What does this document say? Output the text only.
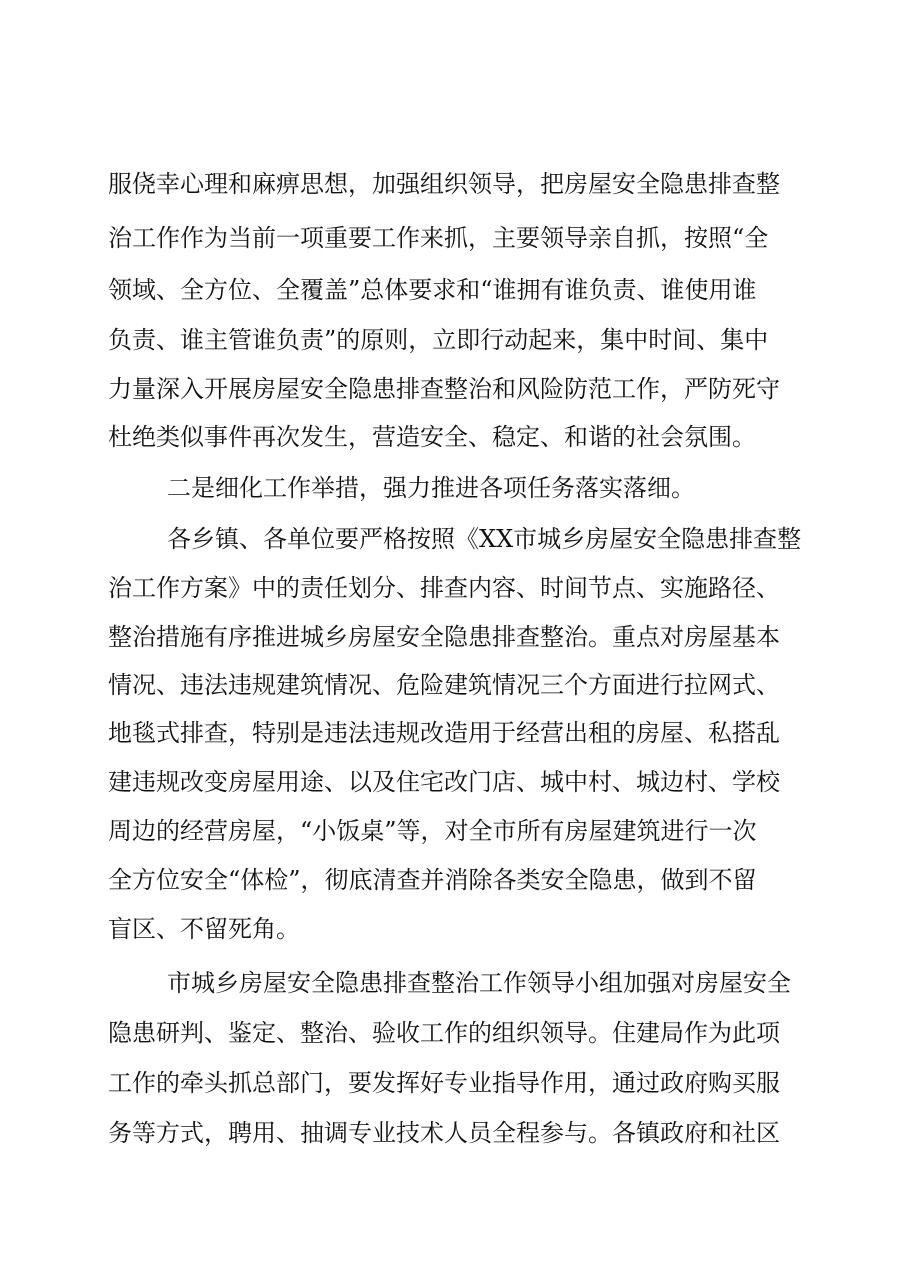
服侥幸心理和麻痹思想，加强组织领导，把房屋安全隐患排查整
治工作作为当前一项重要工作来抓，主要领导亲自抓，按照“全
领域、全方位、全覆盖”总体要求和“谁拥有谁负责、谁使用谁
负责、谁主管谁负责”的原则，立即行动起来，集中时间、集中
力量深入开展房屋安全隐患排查整治和风险防范工作，严防死守
杜绝类似事件再次发生，营造安全、稳定、和谐的社会氛围。
二是细化工作举措，强力推进各项任务落实落细。
各乡镇、各单位要严格按照《XX市城乡房屋安全隐患排查整
治工作方案》中的责任划分、排查内容、时间节点、实施路径、
整治措施有序推进城乡房屋安全隐患排查整治。重点对房屋基本
情况、违法违规建筑情况、危险建筑情况三个方面进行拉网式、
地毯式排查，特别是违法违规改造用于经营出租的房屋、私搭乱
建违规改变房屋用途、以及住宅改门店、城中村、城边村、学校
周边的经营房屋，“小饭桌”等，对全市所有房屋建筑进行一次
全方位安全“体检”，彻底清查并消除各类安全隐患，做到不留
盲区、不留死角。
市城乡房屋安全隐患排查整治工作领导小组加强对房屋安全
隐患研判、鉴定、整治、验收工作的组织领导。住建局作为此项
工作的牵头抓总部门，要发挥好专业指导作用，通过政府购买服
务等方式，聘用、抽调专业技术人员全程参与。各镇政府和社区
